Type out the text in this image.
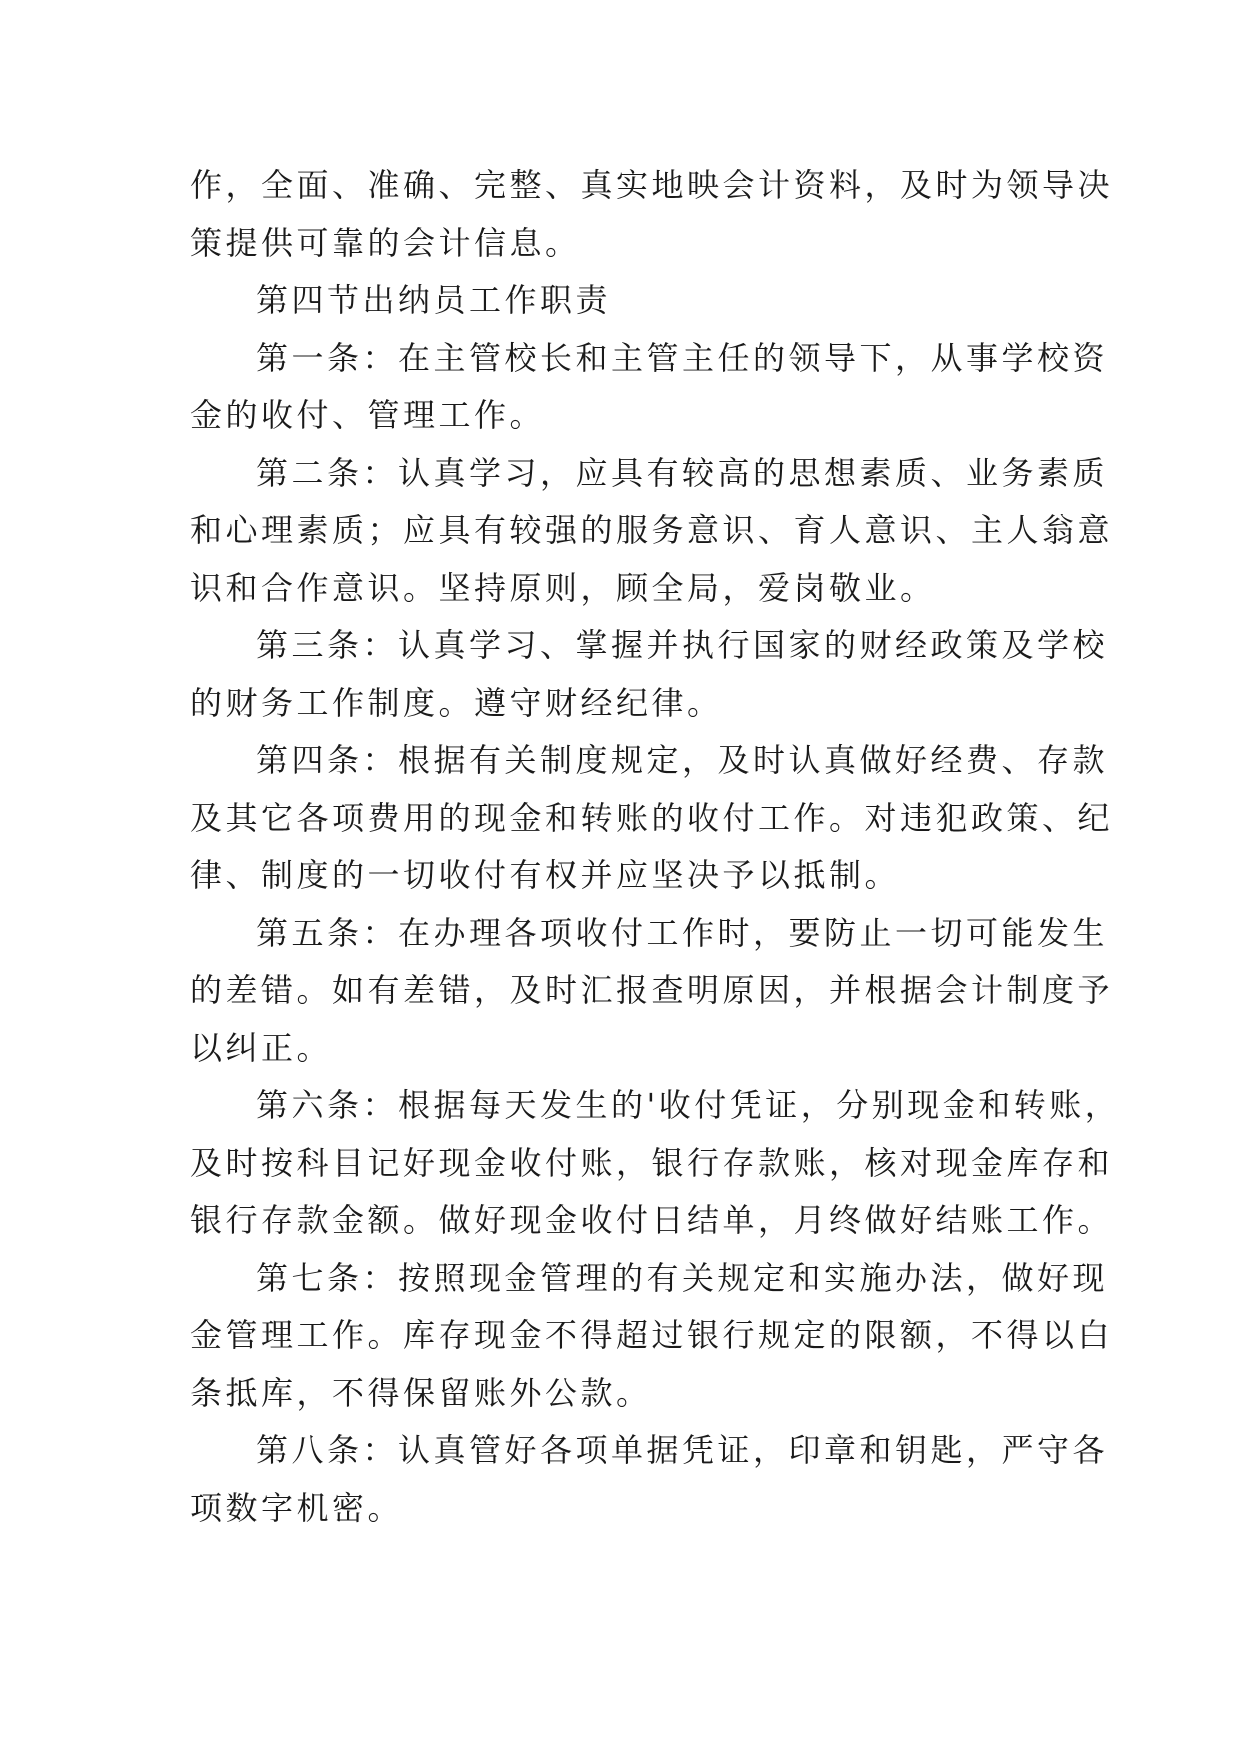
作，全面、准确、完整、真实地映会计资料，及时为领导决
策提供可靠的会计信息。
第四节出纳员工作职责
第一条：在主管校长和主管主任的领导下，从事学校资
金的收付、管理工作。
第二条：认真学习，应具有较高的思想素质、业务素质
和心理素质；应具有较强的服务意识、育人意识、主人翁意
识和合作意识。坚持原则，顾全局，爱岗敬业。
第三条：认真学习、掌握并执行国家的财经政策及学校
的财务工作制度。遵守财经纪律。
第四条：根据有关制度规定，及时认真做好经费、存款
及其它各项费用的现金和转账的收付工作。对违犯政策、纪
律、制度的一切收付有权并应坚决予以抵制。
第五条：在办理各项收付工作时，要防止一切可能发生
的差错。如有差错，及时汇报查明原因，并根据会计制度予
以纠正。
第六条：根据每天发生的'收付凭证，分别现金和转账，
及时按科目记好现金收付账，银行存款账，核对现金库存和
银行存款金额。做好现金收付日结单，月终做好结账工作。
第七条：按照现金管理的有关规定和实施办法，做好现
金管理工作。库存现金不得超过银行规定的限额，不得以白
条抵库，不得保留账外公款。
第八条：认真管好各项单据凭证，印章和钥匙，严守各
项数字机密。
